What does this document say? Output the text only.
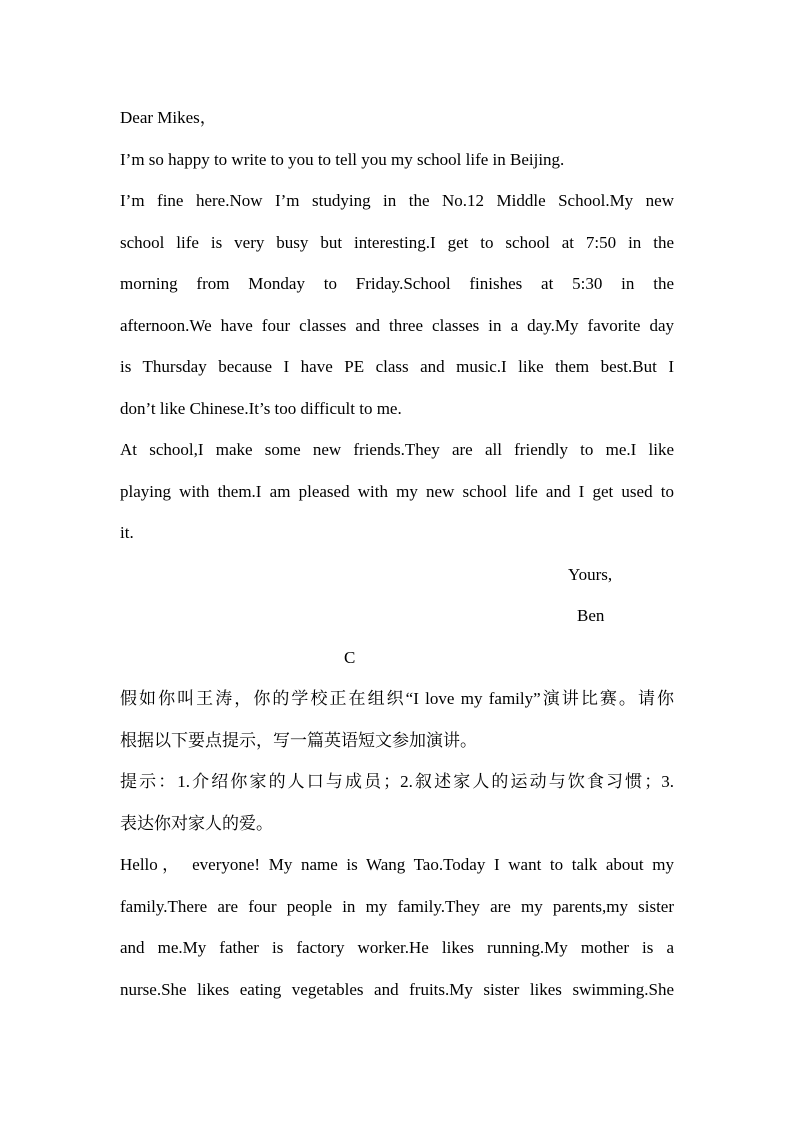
Dear Mikes，
I’m so happy to write to you to tell you my school life in Beijing.
I’m fine here.Now I’m studying in the No.12 Middle School.My new
school life is very busy but interesting.I get to school at 7:50 in the
morning from Monday to Friday.School finishes at 5:30 in the
afternoon.We have four classes and three classes in a day.My favorite day
is Thursday because I have PE class and music.I like them best.But I
don’t like Chinese.It’s too difficult to me.
At school,I make some new friends.They are all friendly to me.I like
playing with them.I am pleased with my new school life and I get used to
it.
Yours,
Ben
C
假如你叫王涛，你的学校正在组织“I love my family”演讲比赛。请你
根据以下要点提示，写一篇英语短文参加演讲。
提示：1.介绍你家的人口与成员；2.叙述家人的运动与饮食习惯；3.
表达你对家人的爱。
Hello， everyone! My name is Wang Tao.Today I want to talk about my
family.There are four people in my family.They are my parents,my sister
and me.My father is factory worker.He likes running.My mother is a
nurse.She likes eating vegetables and fruits.My sister likes swimming.She
